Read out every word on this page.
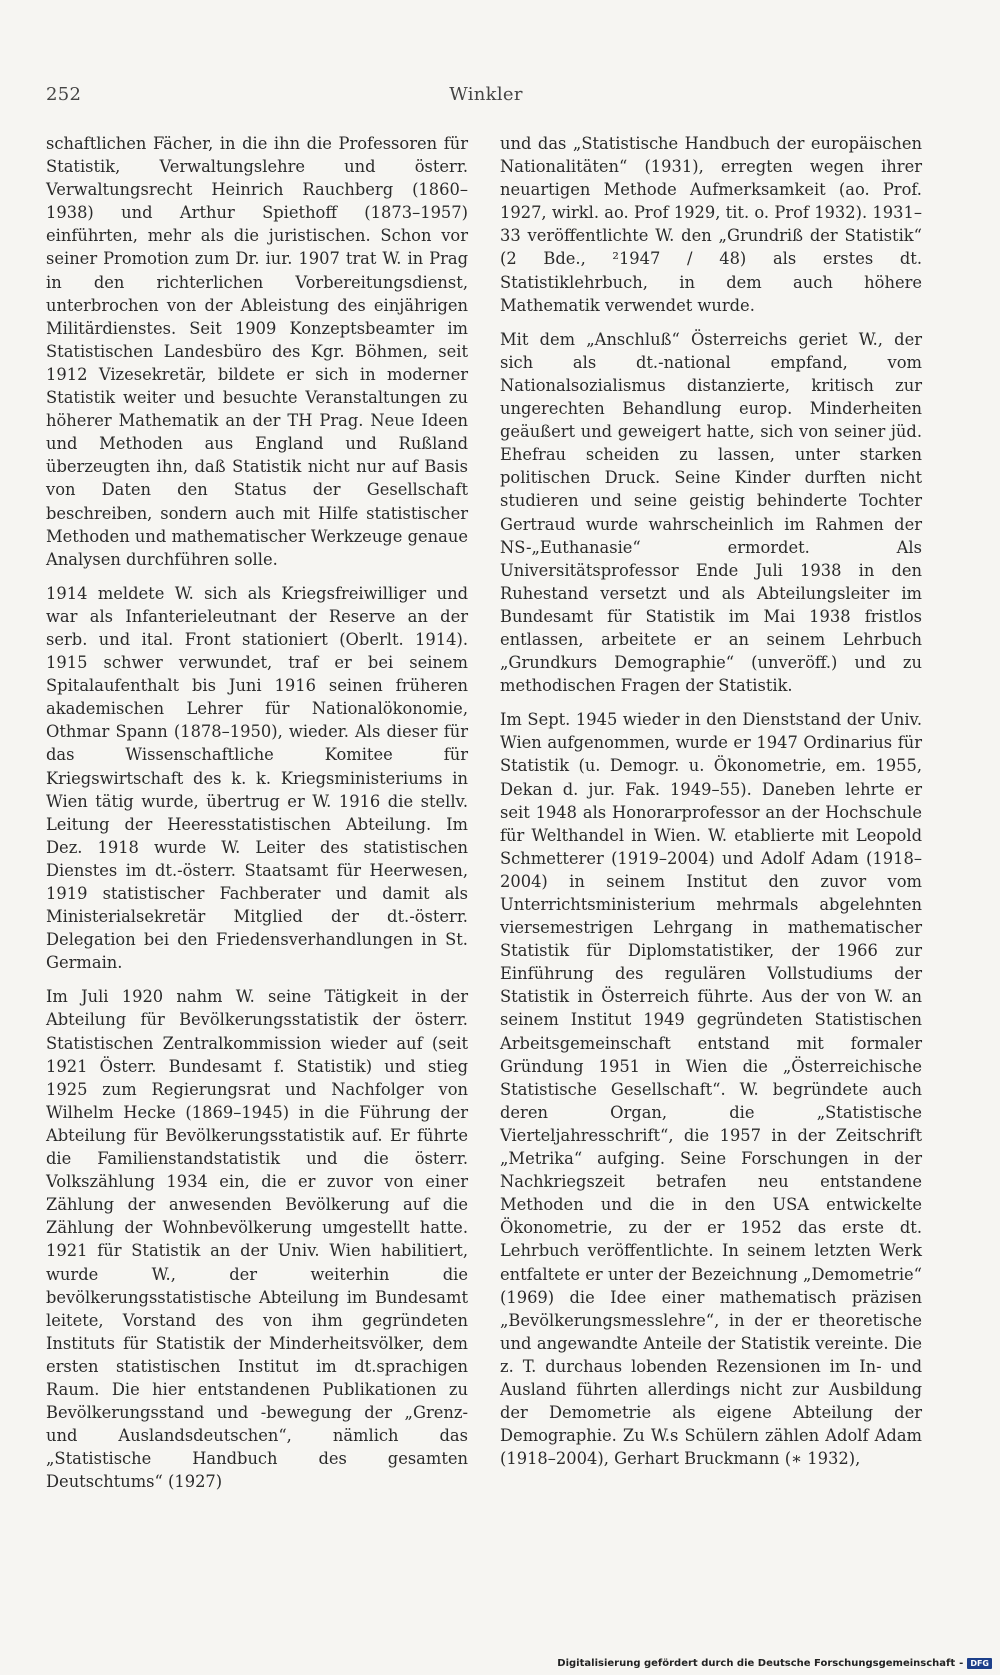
252	Winkler

schaftlichen Fächer, in die ihn die Professoren für Statistik, Verwaltungslehre und österr. Verwaltungsrecht Heinrich Rauchberg (1860–1938) und Arthur Spiethoff (1873–1957) einführten, mehr als die juristischen. Schon vor seiner Promotion zum Dr. iur. 1907 trat W. in Prag in den richterlichen Vorbereitungsdienst, unterbrochen von der Ableistung des einjährigen Militärdienstes. Seit 1909 Konzeptsbeamter im Statistischen Landesbüro des Kgr. Böhmen, seit 1912 Vizesekretär, bildete er sich in moderner Statistik weiter und besuchte Veranstaltungen zu höherer Mathematik an der TH Prag. Neue Ideen und Methoden aus England und Rußland überzeugten ihn, daß Statistik nicht nur auf Basis von Daten den Status der Gesellschaft beschreiben, sondern auch mit Hilfe statistischer Methoden und mathematischer Werkzeuge genaue Analysen durchführen solle.

1914 meldete W. sich als Kriegsfreiwilliger und war als Infanterieleutnant der Reserve an der serb. und ital. Front stationiert (Oberlt. 1914). 1915 schwer verwundet, traf er bei seinem Spitalaufenthalt bis Juni 1916 seinen früheren akademischen Lehrer für Nationalökonomie, Othmar Spann (1878–1950), wieder. Als dieser für das Wissenschaftliche Komitee für Kriegswirtschaft des k. k. Kriegsministeriums in Wien tätig wurde, übertrug er W. 1916 die stellv. Leitung der Heeresstatistischen Abteilung. Im Dez. 1918 wurde W. Leiter des statistischen Dienstes im dt.-österr. Staatsamt für Heerwesen, 1919 statistischer Fachberater und damit als Ministerialsekretär Mitglied der dt.-österr. Delegation bei den Friedensverhandlungen in St. Germain.

Im Juli 1920 nahm W. seine Tätigkeit in der Abteilung für Bevölkerungsstatistik der österr. Statistischen Zentralkommission wieder auf (seit 1921 Österr. Bundesamt f. Statistik) und stieg 1925 zum Regierungsrat und Nachfolger von Wilhelm Hecke (1869–1945) in die Führung der Abteilung für Bevölkerungsstatistik auf. Er führte die Familienstandstatistik und die österr. Volkszählung 1934 ein, die er zuvor von einer Zählung der anwesenden Bevölkerung auf die Zählung der Wohnbevölkerung umgestellt hatte. 1921 für Statistik an der Univ. Wien habilitiert, wurde W., der weiterhin die bevölkerungsstatistische Abteilung im Bundesamt leitete, Vorstand des von ihm gegründeten Instituts für Statistik der Minderheitsvölker, dem ersten statistischen Institut im dt.sprachigen Raum. Die hier entstandenen Publikationen zu Bevölkerungsstand und -bewegung der „Grenz- und Auslandsdeutschen“, nämlich das „Statistische Handbuch des gesamten Deutschtums“ (1927)

und das „Statistische Handbuch der europäischen Nationalitäten“ (1931), erregten wegen ihrer neuartigen Methode Aufmerksamkeit (ao. Prof. 1927, wirkl. ao. Prof 1929, tit. o. Prof 1932). 1931–33 veröffentlichte W. den „Grundriß der Statistik“ (2 Bde., ²1947 / 48) als erstes dt. Statistiklehrbuch, in dem auch höhere Mathematik verwendet wurde.

Mit dem „Anschluß“ Österreichs geriet W., der sich als dt.-national empfand, vom Nationalsozialismus distanzierte, kritisch zur ungerechten Behandlung europ. Minderheiten geäußert und geweigert hatte, sich von seiner jüd. Ehefrau scheiden zu lassen, unter starken politischen Druck. Seine Kinder durften nicht studieren und seine geistig behinderte Tochter Gertraud wurde wahrscheinlich im Rahmen der NS-„Euthanasie“ ermordet. Als Universitätsprofessor Ende Juli 1938 in den Ruhestand versetzt und als Abteilungsleiter im Bundesamt für Statistik im Mai 1938 fristlos entlassen, arbeitete er an seinem Lehrbuch „Grundkurs Demographie“ (unveröff.) und zu methodischen Fragen der Statistik.

Im Sept. 1945 wieder in den Dienststand der Univ. Wien aufgenommen, wurde er 1947 Ordinarius für Statistik (u. Demogr. u. Ökonometrie, em. 1955, Dekan d. jur. Fak. 1949–55). Daneben lehrte er seit 1948 als Honorarprofessor an der Hochschule für Welthandel in Wien. W. etablierte mit Leopold Schmetterer (1919–2004) und Adolf Adam (1918–2004) in seinem Institut den zuvor vom Unterrichtsministerium mehrmals abgelehnten viersemestrigen Lehrgang in mathematischer Statistik für Diplomstatistiker, der 1966 zur Einführung des regulären Vollstudiums der Statistik in Österreich führte. Aus der von W. an seinem Institut 1949 gegründeten Statistischen Arbeitsgemeinschaft entstand mit formaler Gründung 1951 in Wien die „Österreichische Statistische Gesellschaft“. W. begründete auch deren Organ, die „Statistische Vierteljahresschrift“, die 1957 in der Zeitschrift „Metrika“ aufging. Seine Forschungen in der Nachkriegszeit betrafen neu entstandene Methoden und die in den USA entwickelte Ökonometrie, zu der er 1952 das erste dt. Lehrbuch veröffentlichte. In seinem letzten Werk entfaltete er unter der Bezeichnung „Demometrie“ (1969) die Idee einer mathematisch präzisen „Bevölkerungsmesslehre“, in der er theoretische und angewandte Anteile der Statistik vereinte. Die z. T. durchaus lobenden Rezensionen im In- und Ausland führten allerdings nicht zur Ausbildung der Demometrie als eigene Abteilung der Demographie. Zu W.s Schülern zählen Adolf Adam (1918–2004), Gerhart Bruckmann (∗ 1932),

Digitalisierung gefördert durch die Deutsche Forschungsgemeinschaft - DFG
